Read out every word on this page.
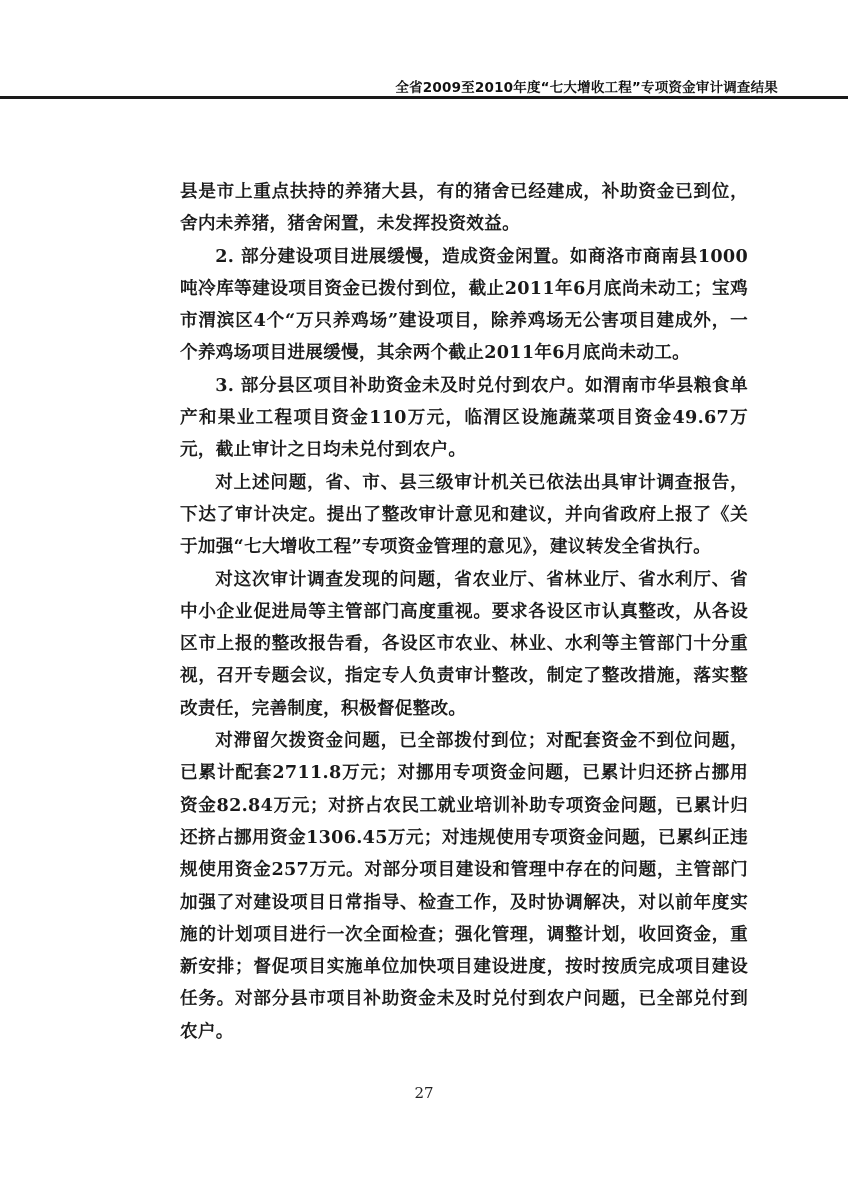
全省2009至2010年度“七大增收工程”专项资金审计调查结果

县是市上重点扶持的养猪大县，有的猪舍已经建成，补助资金已到位，舍内未养猪，猪舍闲置，未发挥投资效益。

2. 部分建设项目进展缓慢，造成资金闲置。如商洛市商南县1000吨冷库等建设项目资金已拨付到位，截止2011年6月底尚未动工；宝鸡市渭滨区4个“万只养鸡场”建设项目，除养鸡场无公害项目建成外，一个养鸡场项目进展缓慢，其余两个截止2011年6月底尚未动工。

3. 部分县区项目补助资金未及时兑付到农户。如渭南市华县粮食单产和果业工程项目资金110万元，临渭区设施蔬菜项目资金49.67万元，截止审计之日均未兑付到农户。

对上述问题，省、市、县三级审计机关已依法出具审计调查报告，下达了审计决定。提出了整改审计意见和建议，并向省政府上报了《关于加强“七大增收工程”专项资金管理的意见》，建议转发全省执行。

对这次审计调查发现的问题，省农业厅、省林业厅、省水利厅、省中小企业促进局等主管部门高度重视。要求各设区市认真整改，从各设区市上报的整改报告看，各设区市农业、林业、水利等主管部门十分重视，召开专题会议，指定专人负责审计整改，制定了整改措施，落实整改责任，完善制度，积极督促整改。

对滞留欠拨资金问题，已全部拨付到位；对配套资金不到位问题，已累计配套2711.8万元；对挪用专项资金问题，已累计归还挤占挪用资金82.84万元；对挤占农民工就业培训补助专项资金问题，已累计归还挤占挪用资金1306.45万元；对违规使用专项资金问题，已累纠正违规使用资金257万元。对部分项目建设和管理中存在的问题，主管部门加强了对建设项目日常指导、检查工作，及时协调解决，对以前年度实施的计划项目进行一次全面检查；强化管理，调整计划，收回资金，重新安排；督促项目实施单位加快项目建设进度，按时按质完成项目建设任务。对部分县市项目补助资金未及时兑付到农户问题，已全部兑付到农户。

27
